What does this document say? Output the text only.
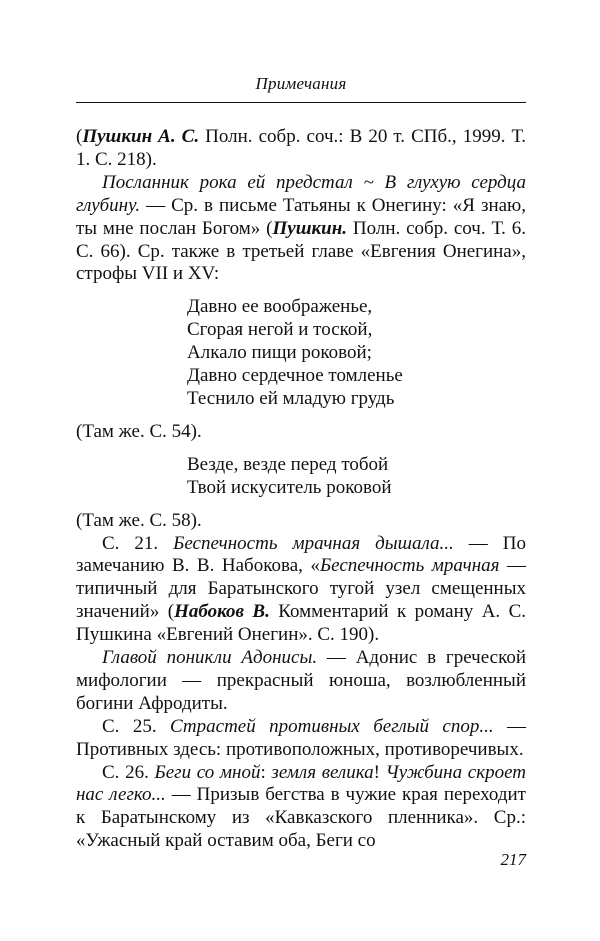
Примечания

(Пушкин А. С. Полн. собр. соч.: В 20 т. СПб., 1999. Т. 1. С. 218).

Посланник рока ей предстал ~ В глухую сердца глубину. — Ср. в письме Татьяны к Онегину: «Я знаю, ты мне послан Богом» (Пушкин. Полн. собр. соч. Т. 6. С. 66). Ср. также в третьей главе «Евгения Онегина», строфы VII и XV:

Давно ее воображенье,
Сгорая негой и тоской,
Алкало пищи роковой;
Давно сердечное томленье
Теснило ей младую грудь

(Там же. С. 54).

Везде, везде перед тобой
Твой искуситель роковой

(Там же. С. 58).

С. 21. Беспечность мрачная дышала... — По замечанию В. В. Набокова, «Беспечность мрачная — типичный для Баратынского тугой узел смещенных значений» (Набоков В. Комментарий к роману А. С. Пушкина «Евгений Онегин». С. 190).

Главой поникли Адонисы. — Адонис в греческой мифологии — прекрасный юноша, возлюбленный богини Афродиты.

С. 25. Страстей противных беглый спор... — Противных здесь: противоположных, противоречивых.

С. 26. Беги со мной: земля велика! Чужбина скроет нас легко... — Призыв бегства в чужие края переходит к Баратынскому из «Кавказского пленника». Ср.: «Ужасный край оставим оба, Беги со

217
